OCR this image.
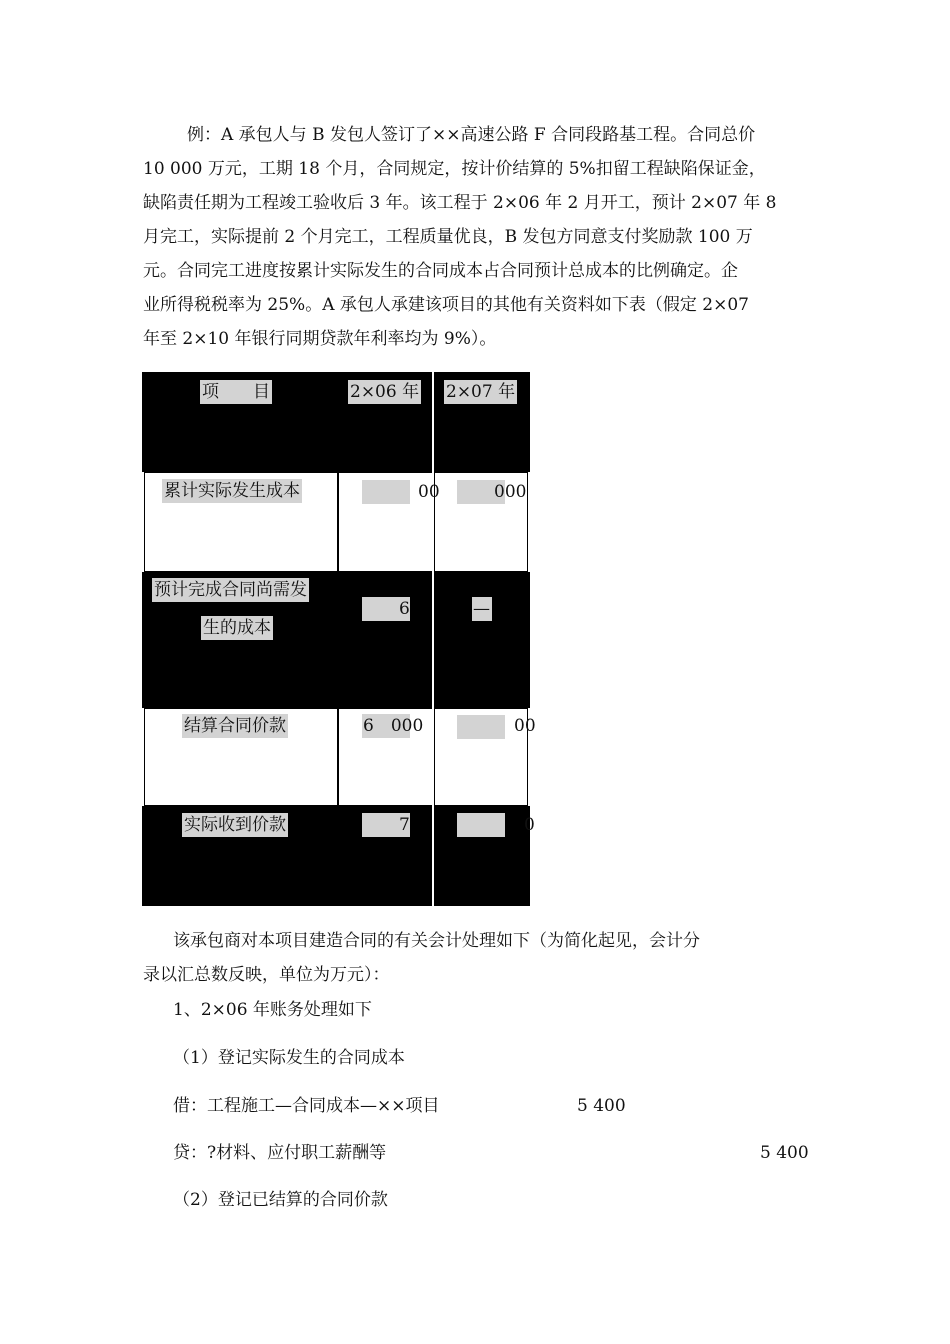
例：A 承包人与 B 发包人签订了××高速公路 F 合同段路基工程。合同总价
10 000 万元，工期 18 个月，合同规定，按计价结算的 5%扣留工程缺陷保证金，
缺陷责任期为工程竣工验收后 3 年。该工程于 2×06 年 2 月开工，预计 2×07 年 8
月完工，实际提前 2 个月完工，工程质量优良，B 发包方同意支付奖励款 100 万
元。合同完工进度按累计实际发生的合同成本占合同预计总成本的比例确定。企
业所得税税率为 25%。A 承包人承建该项目的其他有关资料如下表（假定 2×07
年至 2×10 年银行同期贷款年利率均为 9%）。
项　　目	2×06 年 2×07 年
累计实际发生成本	00	000
预计完成合同尚需发
生的成本
6	—
结算合同价款	6　000	00
实际收到价款	7	0
该承包商对本项目建造合同的有关会计处理如下（为简化起见，会计分
录以汇总数反映，单位为万元）：
1、2×06 年账务处理如下
（1）登记实际发生的合同成本
借：工程施工—合同成本—××项目	5 400
贷：?材料、应付职工薪酬等	5 400
（2）登记已结算的合同价款
